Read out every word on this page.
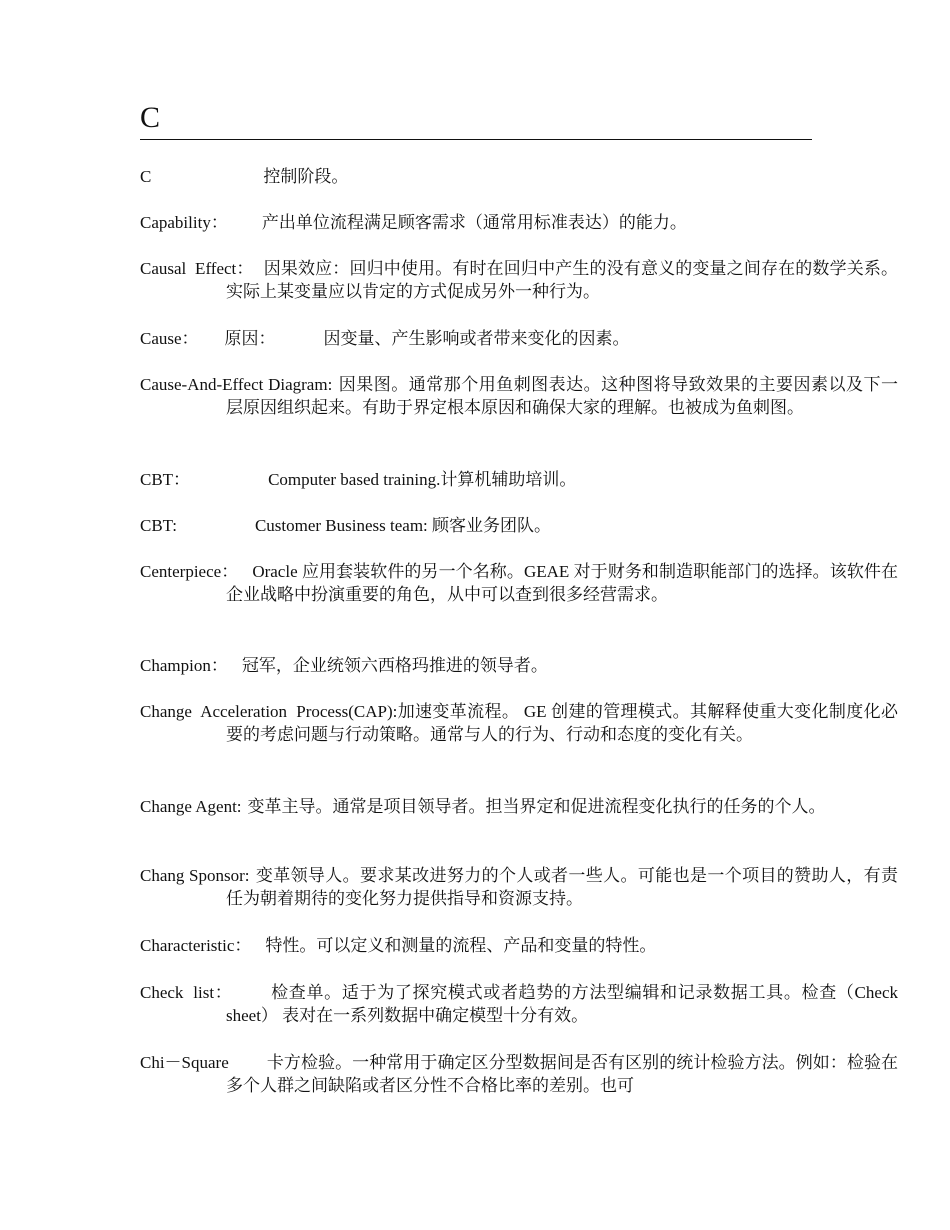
C
C	控制阶段。
Capability： 产出单位流程满足顾客需求（通常用标准表达）的能力。
Causal  Effect： 因果效应：回归中使用。有时在回归中产生的没有意义的变量之间存在的数学关系。实际上某变量应以肯定的方式促成另外一种行为。
Cause： 原因：	因变量、产生影响或者带来变化的因素。
Cause-And-Effect Diagram: 因果图。通常那个用鱼刺图表达。这种图将导致效果的主要因素以及下一层原因组织起来。有助于界定根本原因和确保大家的理解。也被成为鱼刺图。
CBT：	Computer based training.计算机辅助培训。
CBT:	Customer Business team: 顾客业务团队。
Centerpiece： Oracle 应用套装软件的另一个名称。GEAE 对于财务和制造职能部门的选择。该软件在企业战略中扮演重要的角色，从中可以查到很多经营需求。
Champion： 冠军，企业统领六西格玛推进的领导者。
Change  Acceleration  Process(CAP):加速变革流程。 GE 创建的管理模式。其解释使重大变化制度化必要的考虑问题与行动策略。通常与人的行为、行动和态度的变化有关。
Change Agent: 变革主导。通常是项目领导者。担当界定和促进流程变化执行的任务的个人。
Chang Sponsor: 变革领导人。要求某改进努力的个人或者一些人。可能也是一个项目的赞助人，有责任为朝着期待的变化努力提供指导和资源支持。
Characteristic： 特性。可以定义和测量的流程、产品和变量的特性。
Check  list： 检查单。适于为了探究模式或者趋势的方法型编辑和记录数据工具。检查（Check sheet） 表对在一系列数据中确定模型十分有效。
Chi－Square 卡方检验。一种常用于确定区分型数据间是否有区别的统计检验方法。例如：检验在多个人群之间缺陷或者区分性不合格比率的差别。也可
